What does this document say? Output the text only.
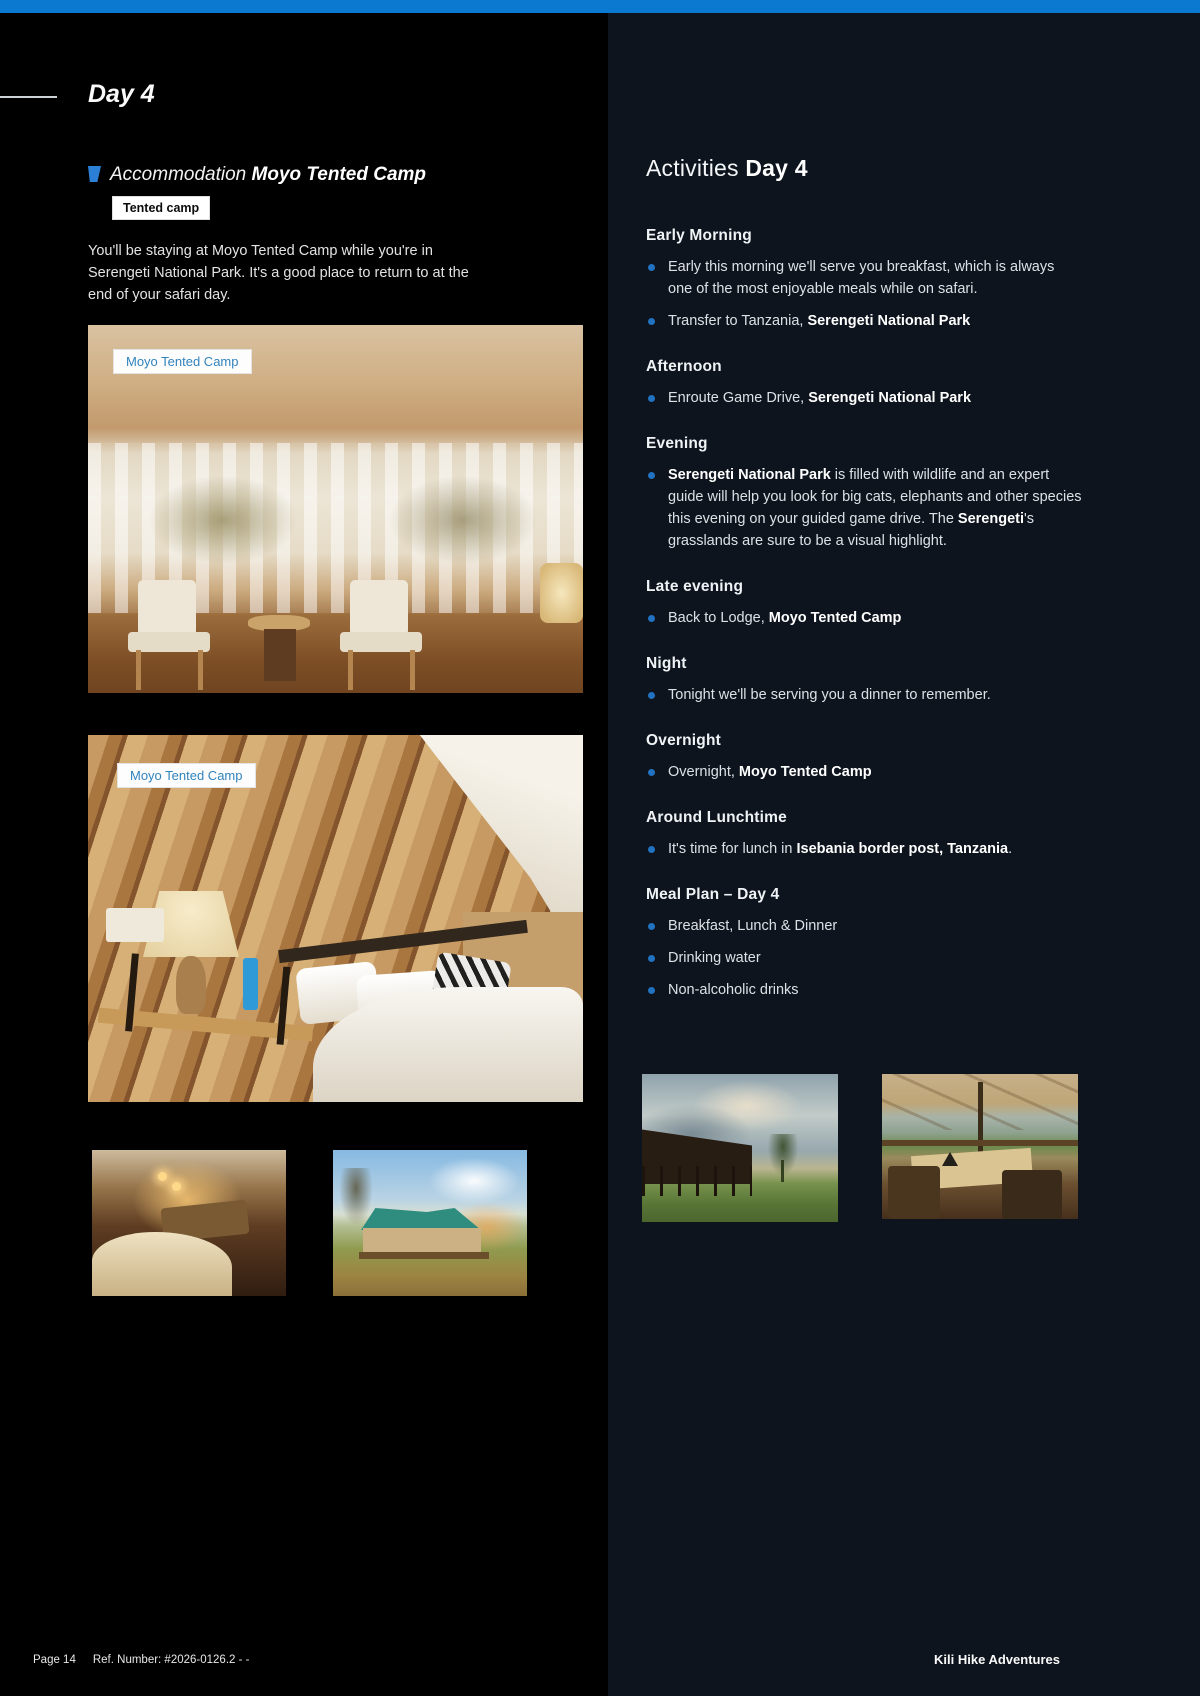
Activities Day 4
Early Morning
Early this morning we'll serve you breakfast, which is always one of the most enjoyable meals while on safari.
Transfer to Tanzania, Serengeti National Park
Afternoon
Enroute Game Drive, Serengeti National Park
Evening
Serengeti National Park is filled with wildlife and an expert guide will help you look for big cats, elephants and other species this evening on your guided game drive. The Serengeti's grasslands are sure to be a visual highlight.
Late evening
Back to Lodge, Moyo Tented Camp
Night
Tonight we'll be serving you a dinner to remember.
Overnight
Overnight, Moyo Tented Camp
Around Lunchtime
It's time for lunch in Isebania border post, Tanzania.
Meal Plan – Day 4
Breakfast, Lunch & Dinner
Drinking water
Non-alcoholic drinks
Day 4
Accommodation Moyo Tented Camp
Tented camp
You'll be staying at Moyo Tented Camp while you're in
Serengeti National Park. It's a good place to return to at the
end of your safari day.
Moyo Tented Camp
Moyo Tented Camp
Page 14 Ref. Number: #2026-0126.2 - -	Kili Hike Adventures
